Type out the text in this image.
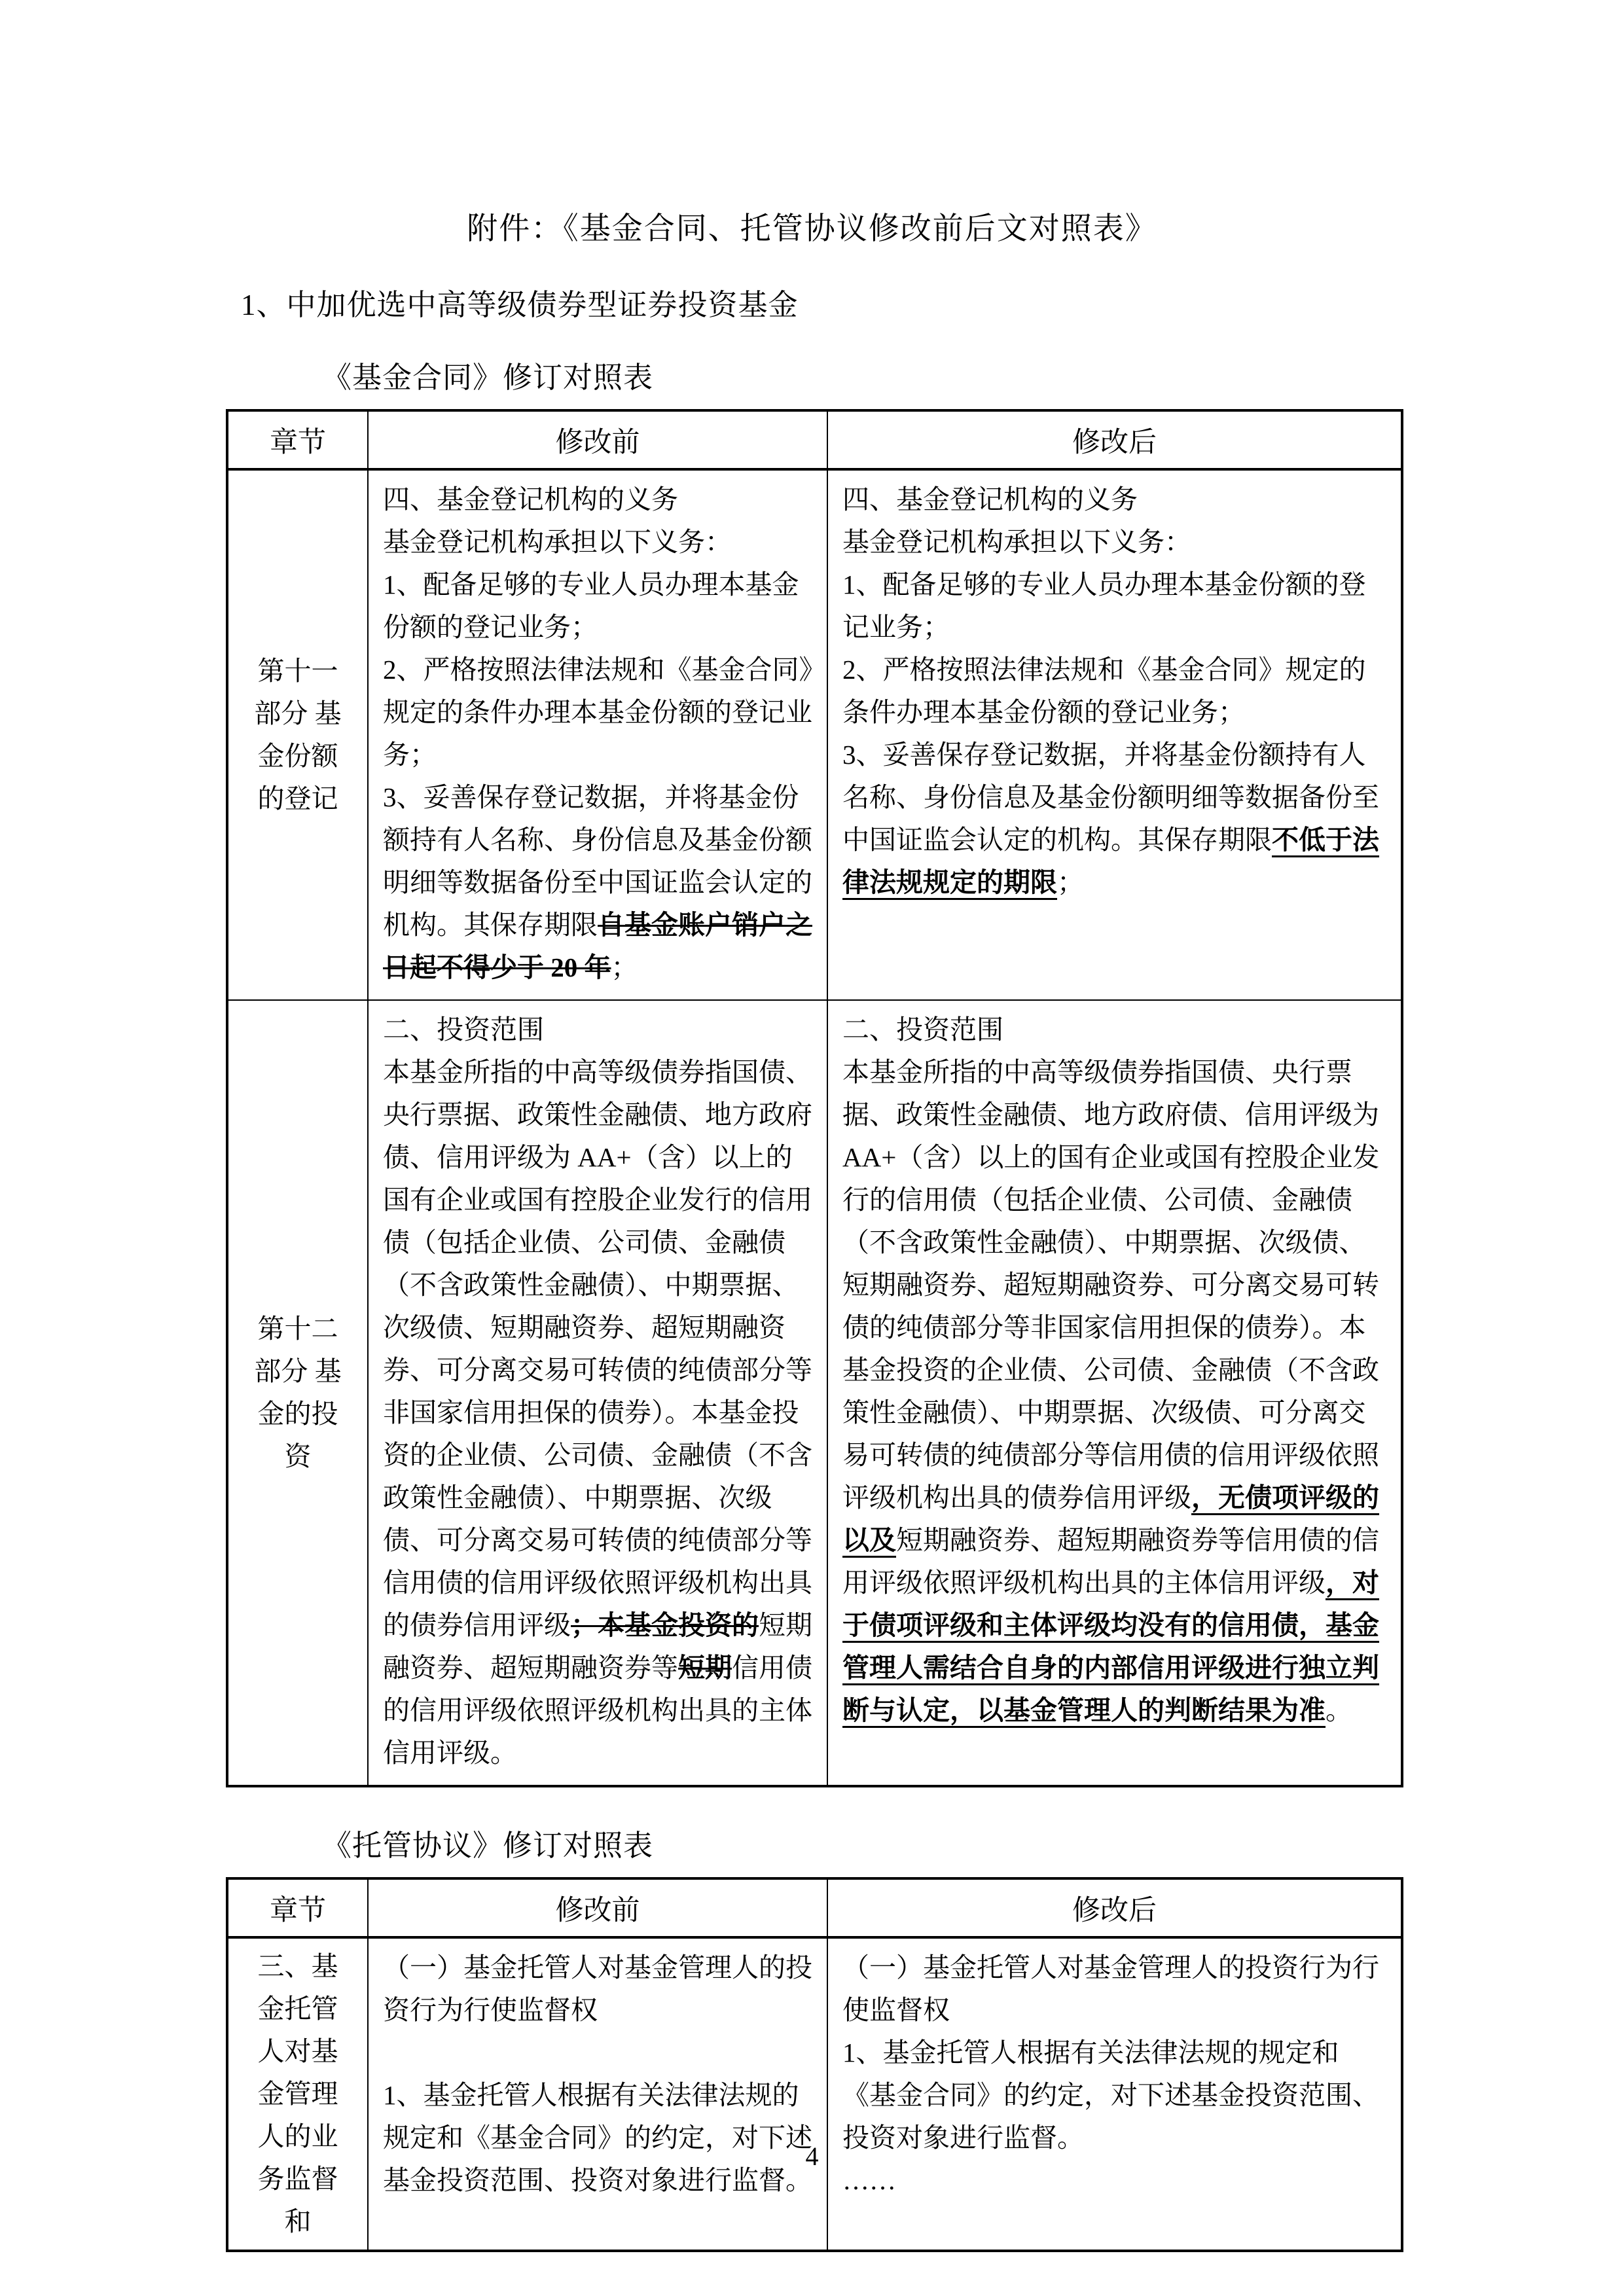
附件：《基金合同、托管协议修改前后文对照表》
1、中加优选中高等级债券型证券投资基金
《基金合同》修订对照表
章节	修改前	修改后
第十一部分 基金份额的登记	四、基金登记机构的义务
基金登记机构承担以下义务：
1、配备足够的专业人员办理本基金份额的登记业务；
2、严格按照法律法规和《基金合同》规定的条件办理本基金份额的登记业务；
3、妥善保存登记数据，并将基金份额持有人名称、身份信息及基金份额明细等数据备份至中国证监会认定的机构。其保存期限自基金账户销户之日起不得少于 20 年；	四、基金登记机构的义务
基金登记机构承担以下义务：
1、配备足够的专业人员办理本基金份额的登记业务；
2、严格按照法律法规和《基金合同》规定的条件办理本基金份额的登记业务；
3、妥善保存登记数据，并将基金份额持有人名称、身份信息及基金份额明细等数据备份至中国证监会认定的机构。其保存期限不低于法律法规规定的期限；
第十二部分 基金的投资	二、投资范围
本基金所指的中高等级债券指国债、央行票据、政策性金融债、地方政府债、信用评级为 AA+（含）以上的国有企业或国有控股企业发行的信用债（包括企业债、公司债、金融债（不含政策性金融债）、中期票据、次级债、短期融资券、超短期融资券、可分离交易可转债的纯债部分等非国家信用担保的债券）。本基金投资的企业债、公司债、金融债（不含政策性金融债）、中期票据、次级债、可分离交易可转债的纯债部分等信用债的信用评级依照评级机构出具的债券信用评级；本基金投资的短期融资券、超短期融资券等短期信用债的信用评级依照评级机构出具的主体信用评级。	二、投资范围
本基金所指的中高等级债券指国债、央行票据、政策性金融债、地方政府债、信用评级为 AA+（含）以上的国有企业或国有控股企业发行的信用债（包括企业债、公司债、金融债（不含政策性金融债）、中期票据、次级债、短期融资券、超短期融资券、可分离交易可转债的纯债部分等非国家信用担保的债券）。本基金投资的企业债、公司债、金融债（不含政策性金融债）、中期票据、次级债、可分离交易可转债的纯债部分等信用债的信用评级依照评级机构出具的债券信用评级，无债项评级的以及短期融资券、超短期融资券等信用债的信用评级依照评级机构出具的主体信用评级，对于债项评级和主体评级均没有的信用债，基金管理人需结合自身的内部信用评级进行独立判断与认定，以基金管理人的判断结果为准。
《托管协议》修订对照表
章节	修改前	修改后
三、基金托管人对基金管理人的业务监督和	（一）基金托管人对基金管理人的投资行为行使监督权

1、基金托管人根据有关法律法规的规定和《基金合同》的约定，对下述基金投资范围、投资对象进行监督。	（一）基金托管人对基金管理人的投资行为行使监督权
1、基金托管人根据有关法律法规的规定和《基金合同》的约定，对下述基金投资范围、投资对象进行监督。
……
4
